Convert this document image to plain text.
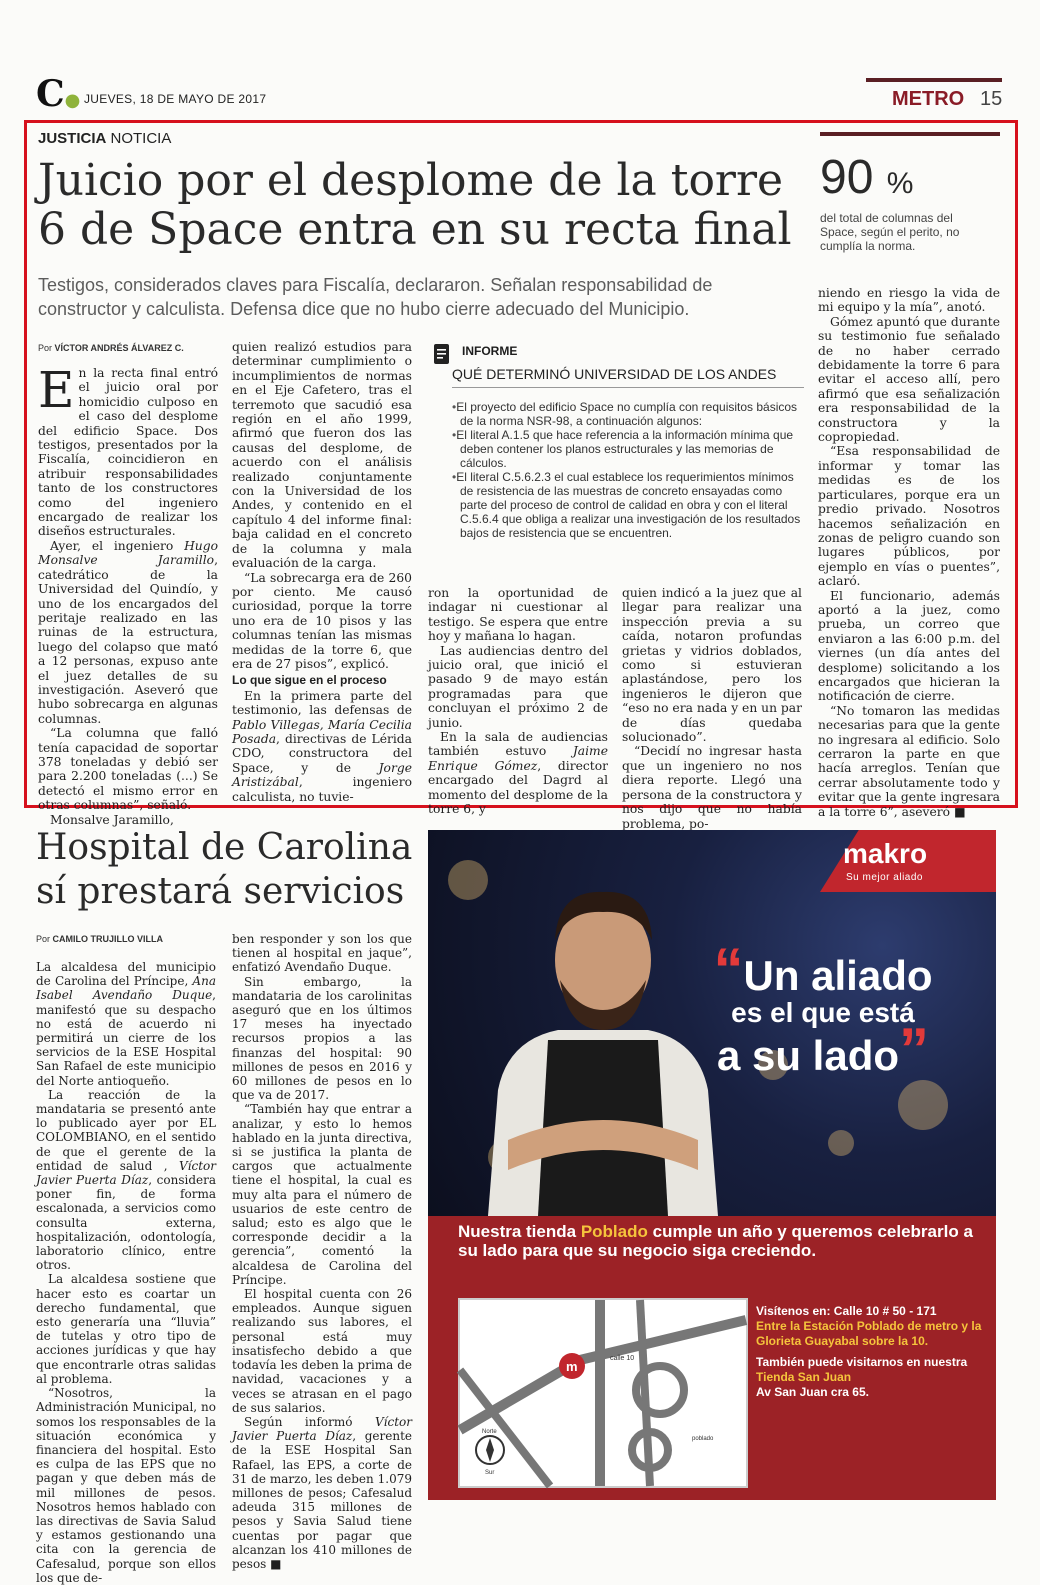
C● JUEVES, 18 DE MAYO DE 2017	METRO 15
JUSTICIA NOTICIA
Juicio por el desplome de la torre 6 de Space entra en su recta final
Testigos, considerados claves para Fiscalía, declararon. Señalan responsabilidad de constructor y calculista. Defensa dice que no hubo cierre adecuado del Municipio.
90 %
del total de columnas del Space, según el perito, no cumplía la norma.
Por VÍCTOR ANDRÉS ÁLVAREZ C.

En la recta final entró el juicio oral por homicidio culposo en el caso del desplome del edificio Space. Dos testigos, presentados por la Fiscalía, coincidieron en atribuir responsabilidades tanto de los constructores como del ingeniero encargado de realizar los diseños estructurales.

Ayer, el ingeniero Hugo Monsalve Jaramillo, catedrático de la Universidad del Quindío, y uno de los encargados del peritaje realizado en las ruinas de la estructura, luego del colapso que mató a 12 personas, expuso ante el juez detalles de su investigación. Aseveró que hubo sobrecarga en algunas columnas.

“La columna que falló tenía capacidad de soportar 378 toneladas y debió ser para 2.200 toneladas (...) Se detectó el mismo error en otras columnas”, señaló.

Monsalve Jaramillo,

quien realizó estudios para determinar cumplimiento o incumplimientos de normas en el Eje Cafetero, tras el terremoto que sacudió esa región en el año 1999, afirmó que fueron dos las causas del desplome, de acuerdo con el análisis realizado conjuntamente con la Universidad de los Andes, y contenido en el capítulo 4 del informe final: baja calidad en el concreto de la columna y mala evaluación de la carga.

“La sobrecarga era de 260 por ciento. Me causó curiosidad, porque la torre uno era de 10 pisos y las columnas tenían las mismas medidas de la torre 6, que era de 27 pisos”, explicó.

Lo que sigue en el proceso

En la primera parte del testimonio, las defensas de Pablo Villegas, María Cecilia Posada, directivas de Lérida CDO, constructora del Space, y de Jorge Aristizábal, ingeniero calculista, no tuvie-

INFORME
QUÉ DETERMINÓ UNIVERSIDAD DE LOS ANDES
• El proyecto del edificio Space no cumplía con requisitos básicos de la norma NSR-98, a continuación algunos:
• El literal A.1.5 que hace referencia a la información mínima que deben contener los planos estructurales y las memorias de cálculos.
• El literal C.5.6.2.3 el cual establece los requerimientos mínimos de resistencia de las muestras de concreto ensayadas como parte del proceso de control de calidad en obra y con el literal C.5.6.4 que obliga a realizar una investigación de los resultados bajos de resistencia que se encuentren.

ron la oportunidad de indagar ni cuestionar al testigo. Se espera que entre hoy y mañana lo hagan.

Las audiencias dentro del juicio oral, que inició el pasado 9 de mayo están programadas para que concluyan el próximo 2 de junio.

En la sala de audiencias también estuvo Jaime Enrique Gómez, director encargado del Dagrd al momento del desplome de la torre 6, y

quien indicó a la juez que al llegar para realizar una inspección previa a su caída, notaron profundas grietas y vidrios doblados, como si estuvieran aplastándose, pero los ingenieros le dijeron que “eso no era nada y en un par de días quedaba solucionado”.

“Decidí no ingresar hasta que un ingeniero no nos diera reporte. Llegó una persona de la constructora y nos dijo que no había problema, po-

niendo en riesgo la vida de mi equipo y la mía”, anotó.

Gómez apuntó que durante su testimonio fue señalado de no haber cerrado debidamente la torre 6 para evitar el acceso allí, pero afirmó que esa señalización era responsabilidad de la constructora y la copropiedad.

“Esa responsabilidad de informar y tomar las medidas es de los particulares, porque era un predio privado. Nosotros hacemos señalización en zonas de peligro cuando son lugares públicos, por ejemplo en vías o puentes”, aclaró.

El funcionario, además aportó a la juez, como prueba, un correo que enviaron a las 6:00 p.m. del viernes (un día antes del desplome) solicitando a los encargados que hicieran la notificación de cierre.

“No tomaron las medidas necesarias para que la gente no ingresara al edificio. Solo cerraron la parte en que hacía arreglos. Tenían que cerrar absolutamente todo y evitar que la gente ingresara a la torre 6”, aseveró ■

Hospital de Carolina sí prestará servicios
Por CAMILO TRUJILLO VILLA

La alcaldesa del municipio de Carolina del Príncipe, Ana Isabel Avendaño Duque, manifestó que su despacho no está de acuerdo ni permitirá un cierre de los servicios de la ESE Hospital San Rafael de este municipio del Norte antioqueño.

La reacción de la mandataria se presentó ante lo publicado ayer por EL COLOMBIANO, en el sentido de que el gerente de la entidad de salud , Víctor Javier Puerta Díaz, considera poner fin, de forma escalonada, a servicios como consulta externa, hospitalización, odontología, laboratorio clínico, entre otros.

La alcaldesa sostiene que hacer esto es coartar un derecho fundamental, que esto generaría una “lluvia” de tutelas y otro tipo de acciones jurídicas y que hay que encontrarle otras salidas al problema.

“Nosotros, la Administración Municipal, no somos los responsables de la situación económica y financiera del hospital. Esto es culpa de las EPS que no pagan y que deben más de mil millones de pesos. Nosotros hemos hablado con las directivas de Savia Salud y estamos gestionando una cita con la gerencia de Cafesalud, porque son ellos los que de-

ben responder y son los que tienen al hospital en jaque”, enfatizó Avendaño Duque.

Sin embargo, la mandataria de los carolinitas aseguró que en los últimos 17 meses ha inyectado recursos propios a las finanzas del hospital: 90 millones de pesos en 2016 y 60 millones de pesos en lo que va de 2017.

“También hay que entrar a analizar, y esto lo hemos hablado en la junta directiva, si se justifica la planta de cargos que actualmente tiene el hospital, la cual es muy alta para el número de usuarios de este centro de salud; esto es algo que le corresponde decidir a la gerencia”, comentó la alcaldesa de Carolina del Príncipe.

El hospital cuenta con 26 empleados. Aunque siguen realizando sus labores, el personal está muy insatisfecho debido a que todavía les deben la prima de navidad, vacaciones y a veces se atrasan en el pago de sus salarios.

Según informó Víctor Javier Puerta Díaz, gerente de la ESE Hospital San Rafael, las EPS, a corte de 31 de marzo, les deben 1.079 millones de pesos; Cafesalud adeuda 315 millones de pesos y Savia Salud tiene cuentas por pagar que alcanzan los 410 millones de pesos ■

makro
Su mejor aliado
“Un aliado
es el que está
a su lado”
Nuestra tienda Poblado cumple un año y queremos celebrarlo a su lado para que su negocio siga creciendo.
m
calle 10
Norte
Sur
poblado
Visítenos en: Calle 10 # 50 - 171
Entre la Estación Poblado de metro y la Glorieta Guayabal sobre la 10.
También puede visitarnos en nuestra
Tienda San Juan
Av San Juan cra 65.
